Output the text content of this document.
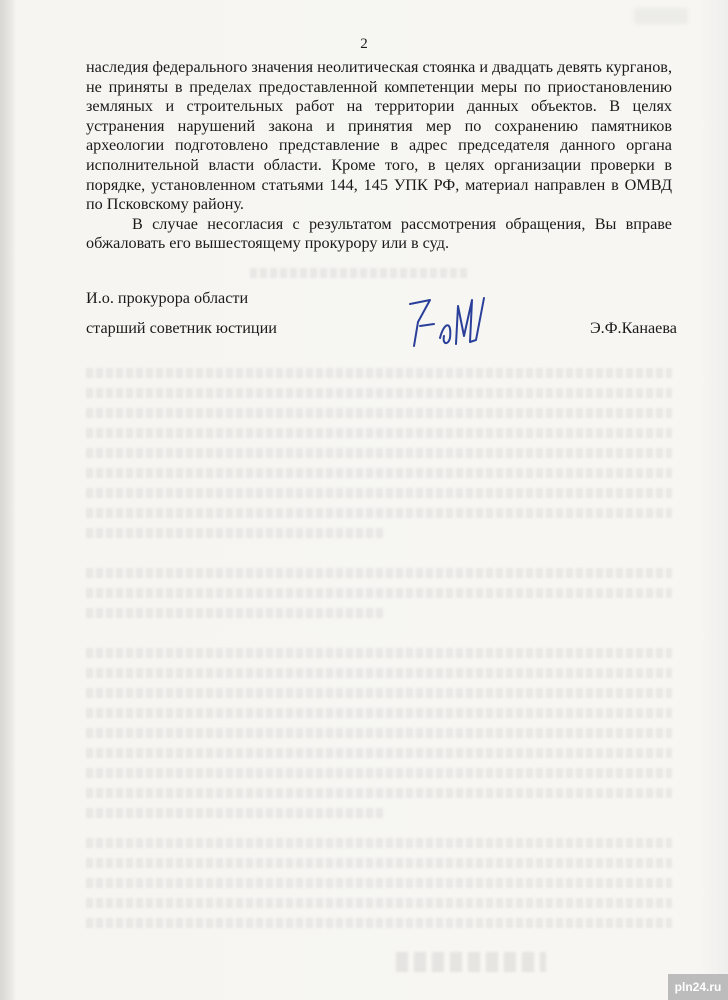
2

наследия федерального значения неолитическая стоянка и двадцать девять курганов, не приняты в пределах предоставленной компетенции меры по приостановлению земляных и строительных работ на территории данных объектов. В целях устранения нарушений закона и принятия мер по сохранению памятников археологии подготовлено представление в адрес председателя данного органа исполнительной власти области. Кроме того, в целях организации проверки в порядке, установленном статьями 144, 145 УПК РФ, материал направлен в ОМВД по Псковскому району.

В случае несогласия с результатом рассмотрения обращения, Вы вправе обжаловать его вышестоящему прокурору или в суд.

И.о. прокурора области
старший советник юстиции	Э.Ф.Канаева
pln24.ru
